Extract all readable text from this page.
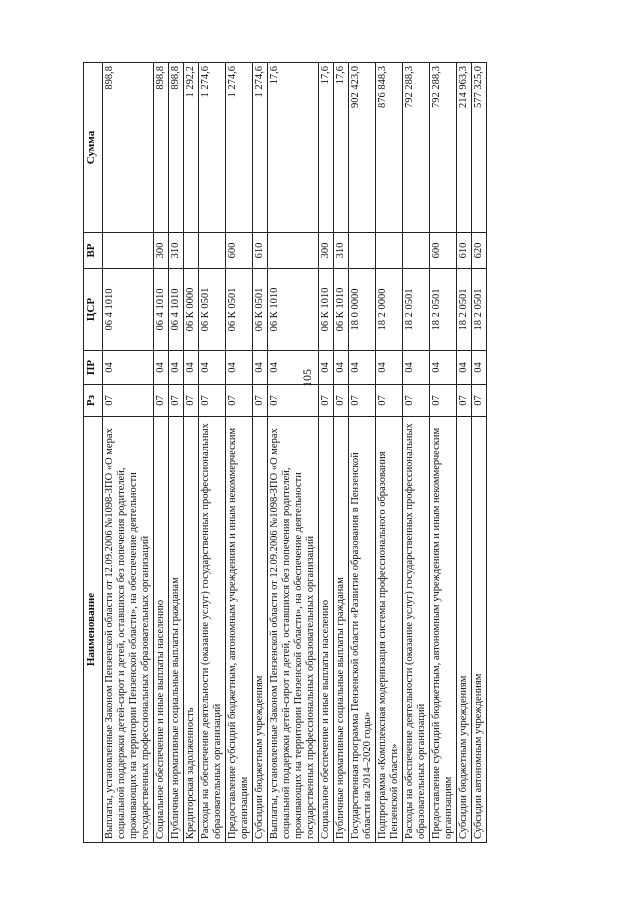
105
Наименование	Рз	ПР	ЦСР	ВР	Сумма
Выплаты, установленные Законом Пензенской области от 12.09.2006 №1098-ЗПО «О мерах социальной поддержки детей-сирот и детей, оставшихся без попечения родителей, проживающих на территории Пензенской области», на обеспечение деятельности государственных профессиональных образовательных организаций	07	04	06 4 1010		898,8
Социальное обеспечение и иные выплаты населению	07	04	06 4 1010	300	898,8
Публичные нормативные социальные выплаты гражданам	07	04	06 4 1010	310	898,8
Кредиторская задолженность	07	04	06 К 0000		1 292,2
Расходы на обеспечение деятельности (оказание услуг) государственных профессиональных образовательных организаций	07	04	06 К 0501		1 274,6
Предоставление субсидий бюджетным, автономным учреждениям и иным некоммерческим организациям	07	04	06 К 0501	600	1 274,6
Субсидии бюджетным учреждениям	07	04	06 К 0501	610	1 274,6
Выплаты, установленные Законом Пензенской области от 12.09.2006 №1098-ЗПО «О мерах социальной поддержки детей-сирот и детей, оставшихся без попечения родителей, проживающих на территории Пензенской области», на обеспечение деятельности государственных профессиональных образовательных организаций	07	04	06 К 1010		17,6
Социальное обеспечение и иные выплаты населению	07	04	06 К 1010	300	17,6
Публичные нормативные социальные выплаты гражданам	07	04	06 К 1010	310	17,6
Государственная программа Пензенской области «Развитие образования в Пензенской области на 2014–2020 годы»	07	04	18 0 0000		902 423,0
Подпрограмма «Комплексная модернизация системы профессионального образования Пензенской области»	07	04	18 2 0000		876 848,3
Расходы на обеспечение деятельности (оказание услуг) государственных профессиональных образовательных организаций	07	04	18 2 0501		792 288,3
Предоставление субсидий бюджетным, автономным учреждениям и иным некоммерческим организациям	07	04	18 2 0501	600	792 288,3
Субсидии бюджетным учреждениям	07	04	18 2 0501	610	214 963,3
Субсидии автономным учреждениям	07	04	18 2 0501	620	577 325,0
